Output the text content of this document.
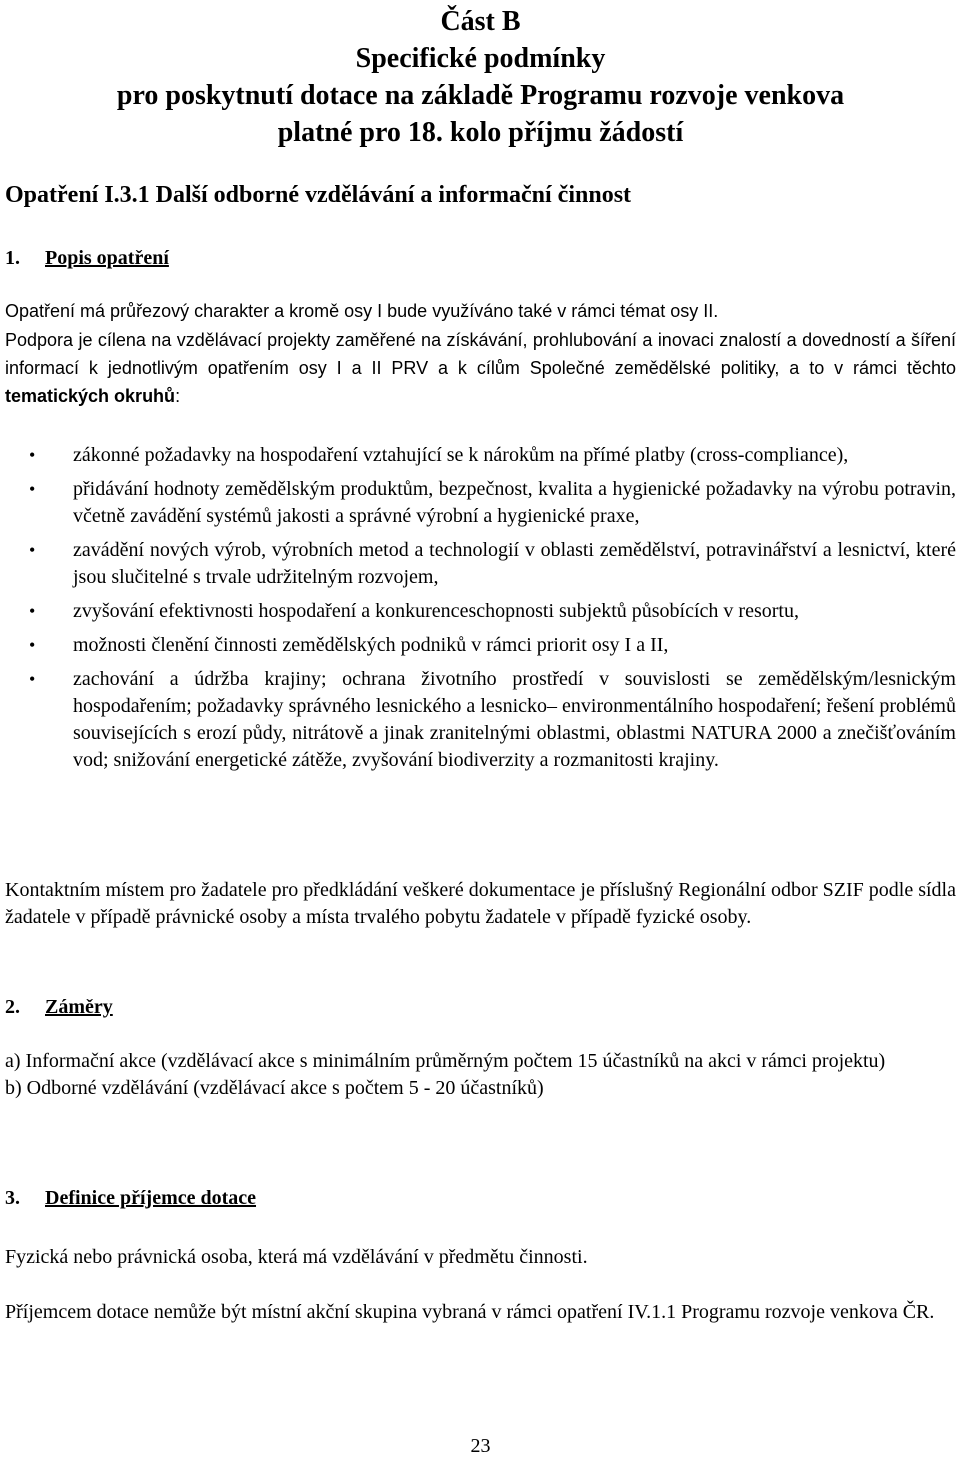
Část B
Specifické podmínky
pro poskytnutí dotace na základě Programu rozvoje venkova
platné pro 18. kolo příjmu žádostí
Opatření I.3.1 Další odborné vzdělávání a informační činnost
1. Popis opatření
Opatření má průřezový charakter a kromě osy I bude využíváno také v rámci témat osy II.
Podpora je cílena na vzdělávací projekty zaměřené na získávání, prohlubování a inovaci znalostí a dovedností a šíření informací k jednotlivým opatřením osy I a II PRV a k cílům Společné zemědělské politiky, a to v rámci těchto tematických okruhů:
• zákonné požadavky na hospodaření vztahující se k nárokům na přímé platby (cross-compliance),
• přidávání hodnoty zemědělským produktům, bezpečnost, kvalita a hygienické požadavky na výrobu potravin, včetně zavádění systémů jakosti a správné výrobní a hygienické praxe,
• zavádění nových výrob, výrobních metod a technologií v oblasti zemědělství, potravinářství a lesnictví, které jsou slučitelné s trvale udržitelným rozvojem,
• zvyšování efektivnosti hospodaření a konkurenceschopnosti subjektů působících v resortu,
• možnosti členění činnosti zemědělských podniků v rámci priorit osy I a II,
• zachování a údržba krajiny; ochrana životního prostředí v souvislosti se zemědělským/lesnickým hospodařením; požadavky správného lesnického a lesnicko– environmentálního hospodaření; řešení problémů souvisejících s erozí půdy, nitrátově a jinak zranitelnými oblastmi, oblastmi NATURA 2000 a znečišťováním vod; snižování energetické zátěže, zvyšování biodiverzity a rozmanitosti krajiny.
Kontaktním místem pro žadatele pro předkládání veškeré dokumentace je příslušný Regionální odbor SZIF podle sídla žadatele v případě právnické osoby a místa trvalého pobytu žadatele v případě fyzické osoby.
2. Záměry

a) Informační akce (vzdělávací akce s minimálním průměrným počtem 15 účastníků na akci v rámci projektu)

b) Odborné vzdělávání (vzdělávací akce s počtem 5 - 20 účastníků)

3. Definice příjemce dotace
Fyzická nebo právnická osoba, která má vzdělávání v předmětu činnosti.
Příjemcem dotace nemůže být místní akční skupina vybraná v rámci opatření IV.1.1 Programu rozvoje venkova ČR.
23
